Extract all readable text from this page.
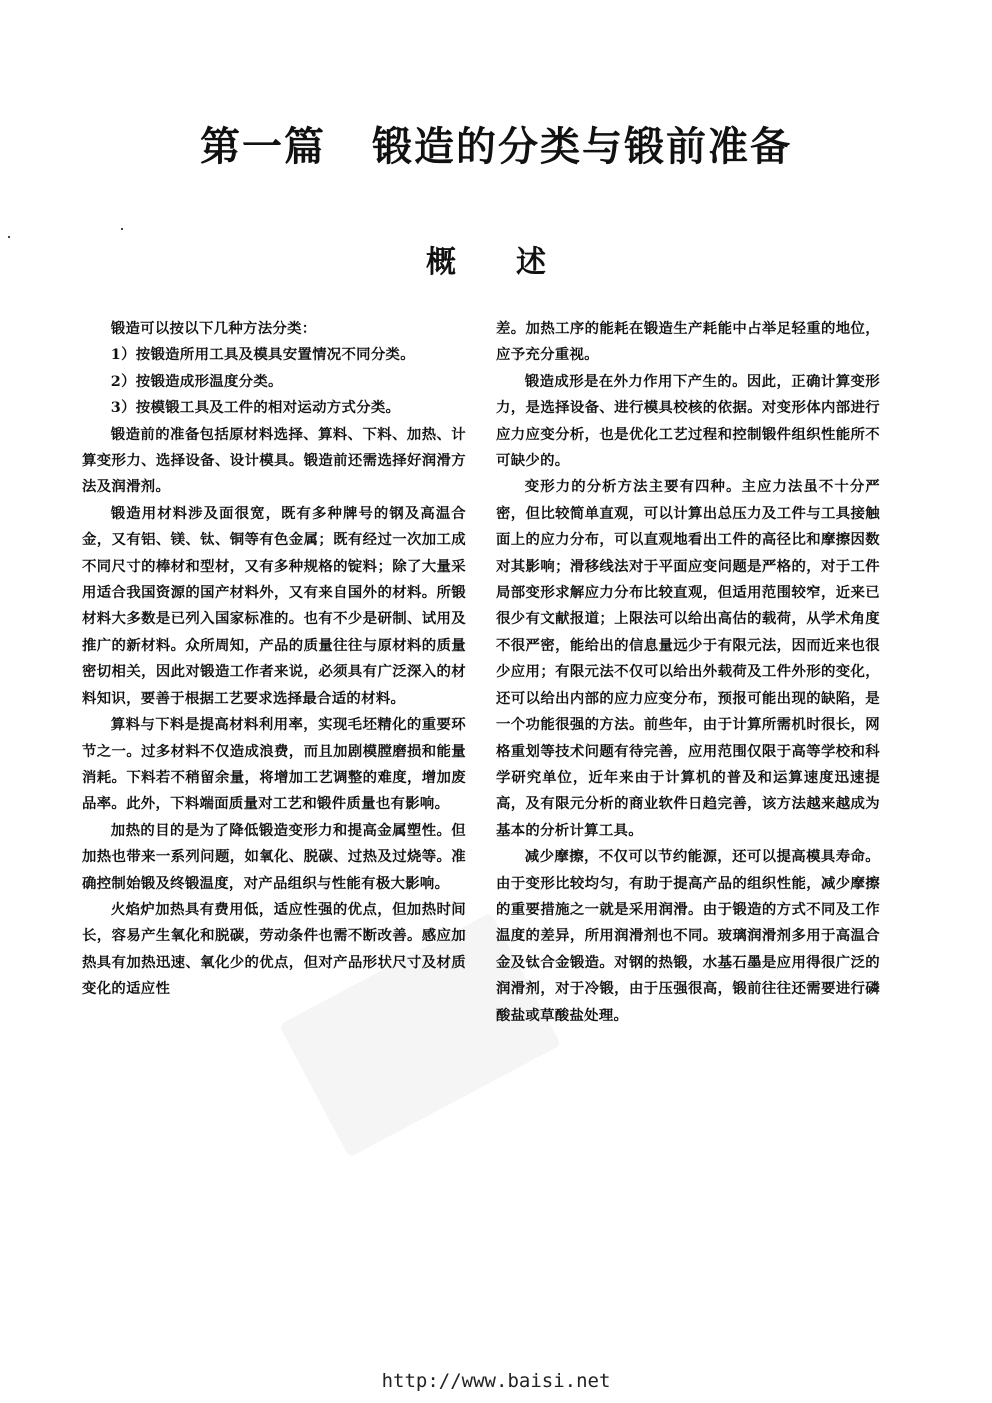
第一篇 锻造的分类与锻前准备
概述

锻造可以按以下几种方法分类：

1）按锻造所用工具及模具安置情况不同分类。

2）按锻造成形温度分类。

3）按模锻工具及工件的相对运动方式分类。

锻造前的准备包括原材料选择、算料、下料、加热、计算变形力、选择设备、设计模具。锻造前还需选择好润滑方法及润滑剂。

锻造用材料涉及面很宽，既有多种牌号的钢及高温合金，又有铝、镁、钛、铜等有色金属；既有经过一次加工成不同尺寸的棒材和型材，又有多种规格的锭料；除了大量采用适合我国资源的国产材料外，又有来自国外的材料。所锻材料大多数是已列入国家标准的。也有不少是研制、试用及推广的新材料。众所周知，产品的质量往往与原材料的质量密切相关，因此对锻造工作者来说，必须具有广泛深入的材料知识，要善于根据工艺要求选择最合适的材料。

算料与下料是提高材料利用率，实现毛坯精化的重要环节之一。过多材料不仅造成浪费，而且加剧模膛磨损和能量消耗。下料若不稍留余量，将增加工艺调整的难度，增加废品率。此外，下料端面质量对工艺和锻件质量也有影响。

加热的目的是为了降低锻造变形力和提高金属塑性。但加热也带来一系列问题，如氧化、脱碳、过热及过烧等。准确控制始锻及终锻温度，对产品组织与性能有极大影响。

火焰炉加热具有费用低，适应性强的优点，但加热时间长，容易产生氧化和脱碳，劳动条件也需不断改善。感应加热具有加热迅速、氧化少的优点，但对产品形状尺寸及材质变化的适应性

差。加热工序的能耗在锻造生产耗能中占举足轻重的地位，应予充分重视。

锻造成形是在外力作用下产生的。因此，正确计算变形力，是选择设备、进行模具校核的依据。对变形体内部进行应力应变分析，也是优化工艺过程和控制锻件组织性能所不可缺少的。

变形力的分析方法主要有四种。主应力法虽不十分严密，但比较简单直观，可以计算出总压力及工件与工具接触面上的应力分布，可以直观地看出工件的高径比和摩擦因数对其影响；滑移线法对于平面应变问题是严格的，对于工件局部变形求解应力分布比较直观，但适用范围较窄，近来已很少有文献报道；上限法可以给出高估的载荷，从学术角度不很严密，能给出的信息量远少于有限元法，因而近来也很少应用；有限元法不仅可以给出外载荷及工件外形的变化，还可以给出内部的应力应变分布，预报可能出现的缺陷，是一个功能很强的方法。前些年，由于计算所需机时很长，网格重划等技术问题有待完善，应用范围仅限于高等学校和科学研究单位，近年来由于计算机的普及和运算速度迅速提高，及有限元分析的商业软件日趋完善，该方法越来越成为基本的分析计算工具。

减少摩擦，不仅可以节约能源，还可以提高模具寿命。由于变形比较均匀，有助于提高产品的组织性能，减少摩擦的重要措施之一就是采用润滑。由于锻造的方式不同及工作温度的差异，所用润滑剂也不同。玻璃润滑剂多用于高温合金及钛合金锻造。对钢的热锻，水基石墨是应用得很广泛的润滑剂，对于冷锻，由于压强很高，锻前往往还需要进行磷酸盐或草酸盐处理。

http://www.baisi.net
